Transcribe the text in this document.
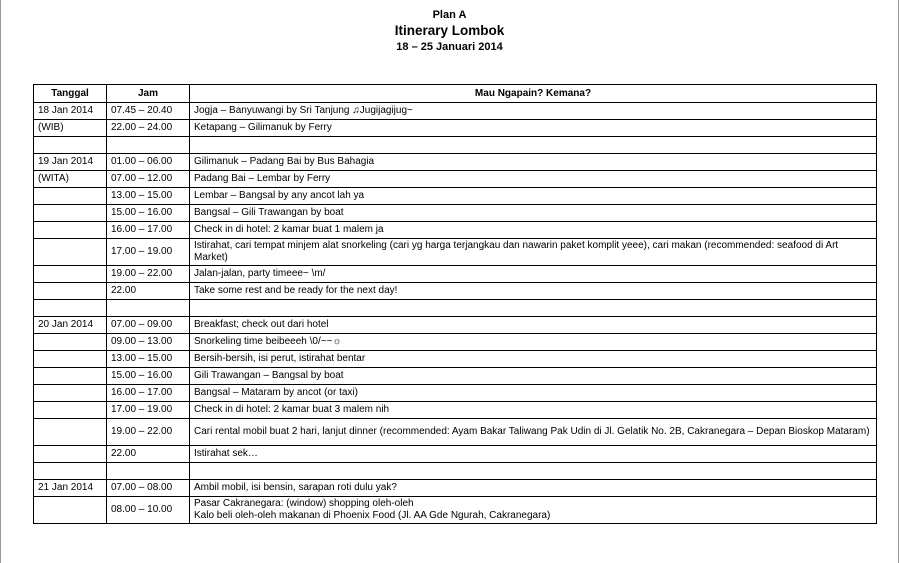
Plan A
Itinerary Lombok
18 – 25 Januari 2014
Tanggal	Jam	Mau Ngapain? Kemana?
18 Jan 2014	07.45 – 20.40	Jogja – Banyuwangi by Sri Tanjung ♫Jugijagijug~
(WIB)	22.00 – 24.00	Ketapang – Gilimanuk by Ferry

19 Jan 2014	01.00 – 06.00	Gilimanuk – Padang Bai by Bus Bahagia
(WITA)	07.00 – 12.00	Padang Bai – Lembar by Ferry
	13.00 – 15.00	Lembar – Bangsal by any ancot lah ya
	15.00 – 16.00	Bangsal – Gili Trawangan by boat
	16.00 – 17.00	Check in di hotel: 2 kamar buat 1 malem ja
	17.00 – 19.00	Istirahat, cari tempat minjem alat snorkeling (cari yg harga terjangkau dan nawarin paket komplit yeee), cari makan (recommended: seafood di Art Market)
	19.00 – 22.00	Jalan-jalan, party timeee~ \m/
	22.00	Take some rest and be ready for the next day!

20 Jan 2014	07.00 – 09.00	Breakfast; check out dari hotel
	09.00 – 13.00	Snorkeling time beibeeeh \0/~~☼
	13.00 – 15.00	Bersih-bersih, isi perut, istirahat bentar
	15.00 – 16.00	Gili Trawangan – Bangsal by boat
	16.00 – 17.00	Bangsal – Mataram by ancot (or taxi)
	17.00 – 19.00	Check in di hotel: 2 kamar buat 3 malem nih
	19.00 – 22.00	Cari rental mobil buat 2 hari, lanjut dinner (recommended: Ayam Bakar Taliwang Pak Udin di Jl. Gelatik No. 2B, Cakranegara – Depan Bioskop Mataram)
	22.00	Istirahat sek…

21 Jan 2014	07.00 – 08.00	Ambil mobil, isi bensin, sarapan roti dulu yak?
	08.00 – 10.00	Pasar Cakranegara: (window) shopping oleh-oleh
Kalo beli oleh-oleh makanan di Phoenix Food (Jl. AA Gde Ngurah, Cakranegara)
